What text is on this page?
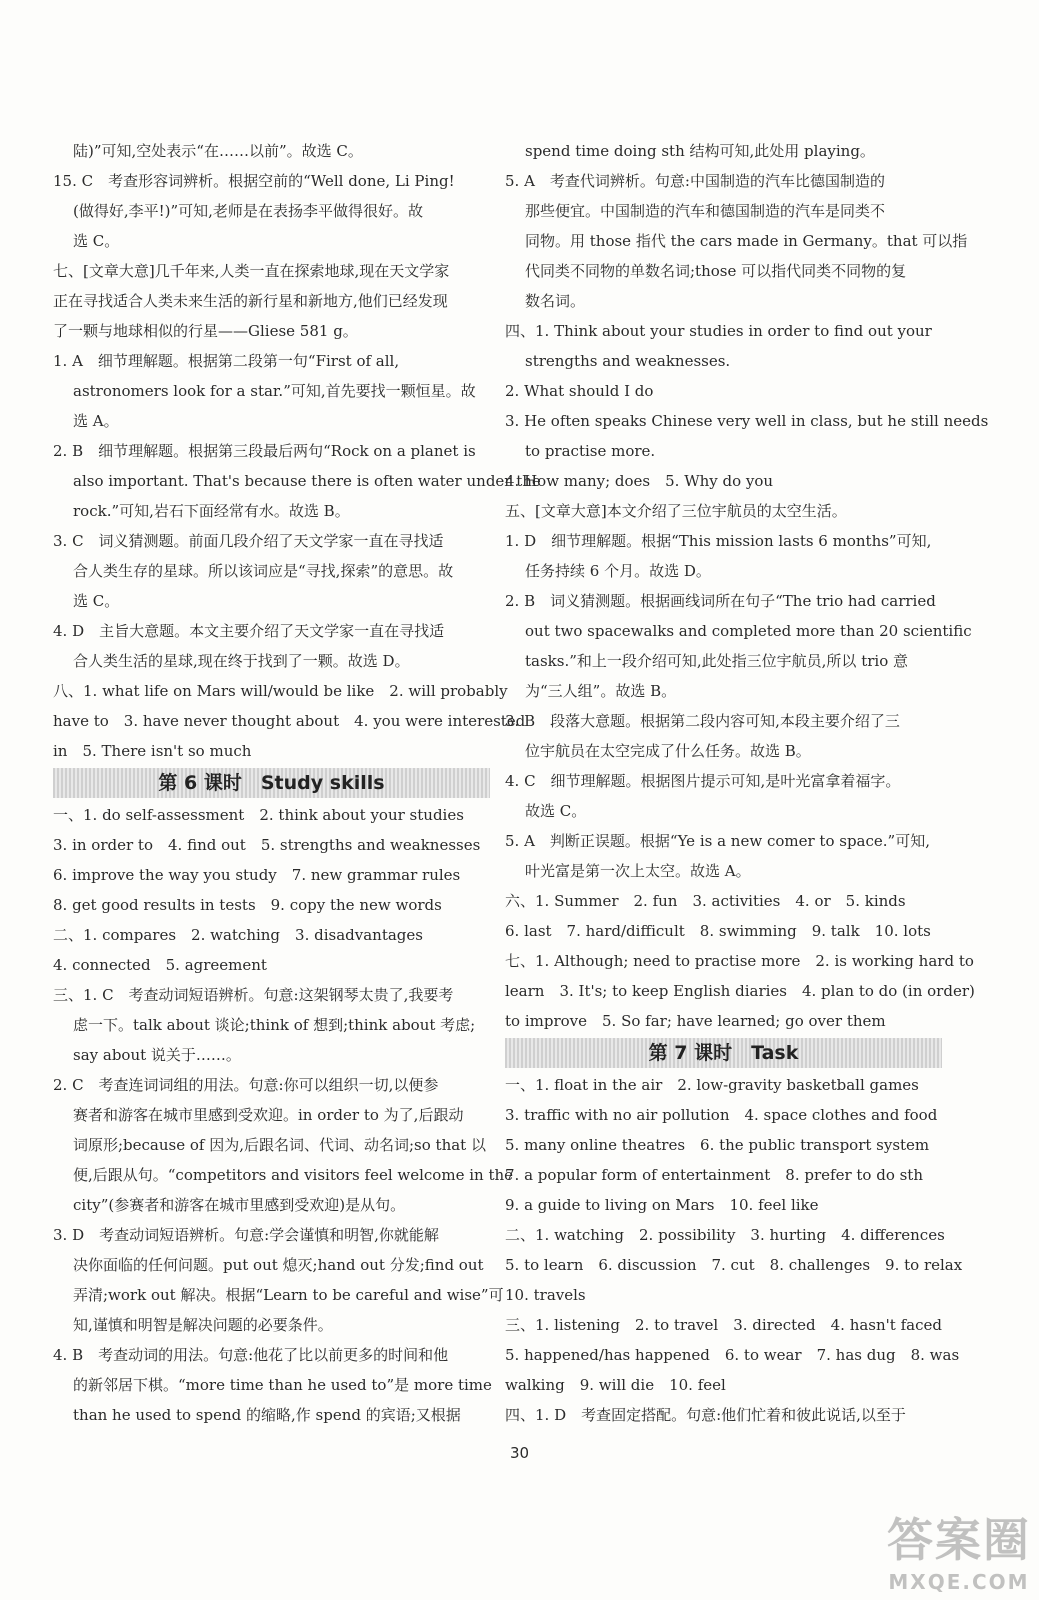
陆)”可知,空处表示“在……以前”。故选 C。
15. C　考查形容词辨析。根据空前的“Well done, Li Ping!
(做得好,李平!)”可知,老师是在表扬李平做得很好。故
选 C。
七、[文章大意]几千年来,人类一直在探索地球,现在天文学家
正在寻找适合人类未来生活的新行星和新地方,他们已经发现
了一颗与地球相似的行星——Gliese 581 g。
1. A　细节理解题。根据第二段第一句“First of all,
astronomers look for a star.”可知,首先要找一颗恒星。故
选 A。
2. B　细节理解题。根据第三段最后两句“Rock on a planet is
also important. That's because there is often water under the
rock.”可知,岩石下面经常有水。故选 B。
3. C　词义猜测题。前面几段介绍了天文学家一直在寻找适
合人类生存的星球。所以该词应是“寻找,探索”的意思。故
选 C。
4. D　主旨大意题。本文主要介绍了天文学家一直在寻找适
合人类生活的星球,现在终于找到了一颗。故选 D。
八、1. what life on Mars will/would be like　2. will probably
have to　3. have never thought about　4. you were interested
in　5. There isn't so much
第 6 课时　Study skills
一、1. do self-assessment　2. think about your studies
3. in order to　4. find out　5. strengths and weaknesses
6. improve the way you study　7. new grammar rules
8. get good results in tests　9. copy the new words
二、1. compares　2. watching　3. disadvantages
4. connected　5. agreement
三、1. C　考查动词短语辨析。句意:这架钢琴太贵了,我要考
虑一下。talk about 谈论;think of 想到;think about 考虑;
say about 说关于……。
2. C　考查连词词组的用法。句意:你可以组织一切,以便参
赛者和游客在城市里感到受欢迎。in order to 为了,后跟动
词原形;because of 因为,后跟名词、代词、动名词;so that 以
便,后跟从句。“competitors and visitors feel welcome in the
city”(参赛者和游客在城市里感到受欢迎)是从句。
3. D　考查动词短语辨析。句意:学会谨慎和明智,你就能解
决你面临的任何问题。put out 熄灭;hand out 分发;find out
弄清;work out 解决。根据“Learn to be careful and wise”可
知,谨慎和明智是解决问题的必要条件。
4. B　考查动词的用法。句意:他花了比以前更多的时间和他
的新邻居下棋。“more time than he used to”是 more time
than he used to spend 的缩略,作 spend 的宾语;又根据
spend time doing sth 结构可知,此处用 playing。
5. A　考查代词辨析。句意:中国制造的汽车比德国制造的
那些便宜。中国制造的汽车和德国制造的汽车是同类不
同物。用 those 指代 the cars made in Germany。that 可以指
代同类不同物的单数名词;those 可以指代同类不同物的复
数名词。
四、1. Think about your studies in order to find out your
strengths and weaknesses.
2. What should I do
3. He often speaks Chinese very well in class, but he still needs
to practise more.
4. How many; does　5. Why do you
五、[文章大意]本文介绍了三位宇航员的太空生活。
1. D　细节理解题。根据“This mission lasts 6 months”可知,
任务持续 6 个月。故选 D。
2. B　词义猜测题。根据画线词所在句子“The trio had carried
out two spacewalks and completed more than 20 scientific
tasks.”和上一段介绍可知,此处指三位宇航员,所以 trio 意
为“三人组”。故选 B。
3. B　段落大意题。根据第二段内容可知,本段主要介绍了三
位宇航员在太空完成了什么任务。故选 B。
4. C　细节理解题。根据图片提示可知,是叶光富拿着福字。
故选 C。
5. A　判断正误题。根据“Ye is a new comer to space.”可知,
叶光富是第一次上太空。故选 A。
六、1. Summer　2. fun　3. activities　4. or　5. kinds
6. last　7. hard/difficult　8. swimming　9. talk　10. lots
七、1. Although; need to practise more　2. is working hard to
learn　3. It's; to keep English diaries　4. plan to do (in order)
to improve　5. So far; have learned; go over them
第 7 课时　Task
一、1. float in the air　2. low-gravity basketball games
3. traffic with no air pollution　4. space clothes and food
5. many online theatres　6. the public transport system
7. a popular form of entertainment　8. prefer to do sth
9. a guide to living on Mars　10. feel like
二、1. watching　2. possibility　3. hurting　4. differences
5. to learn　6. discussion　7. cut　8. challenges　9. to relax
10. travels
三、1. listening　2. to travel　3. directed　4. hasn't faced
5. happened/has happened　6. to wear　7. has dug　8. was
walking　9. will die　10. feel
四、1. D　考查固定搭配。句意:他们忙着和彼此说话,以至于
30
答案圈
MXQE.COM
